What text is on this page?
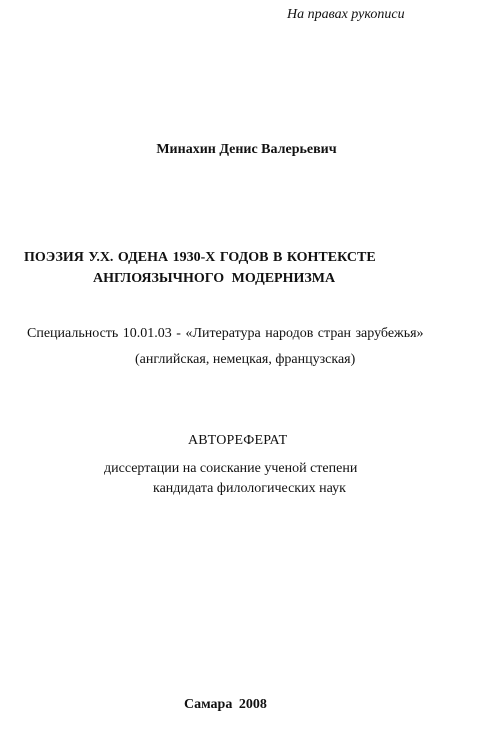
На правах рукописи
Минахин Денис Валерьевич
ПОЭЗИЯ У.Х. ОДЕНА 1930-Х ГОДОВ В КОНТЕКСТЕ
АНГЛОЯЗЫЧНОГО МОДЕРНИЗМА
Специальность 10.01.03 - «Литература народов стран зарубежья»
(английская, немецкая, французская)
АВТОРЕФЕРАТ
диссертации на соискание ученой степени
кандидата филологических наук
Самара 2008
